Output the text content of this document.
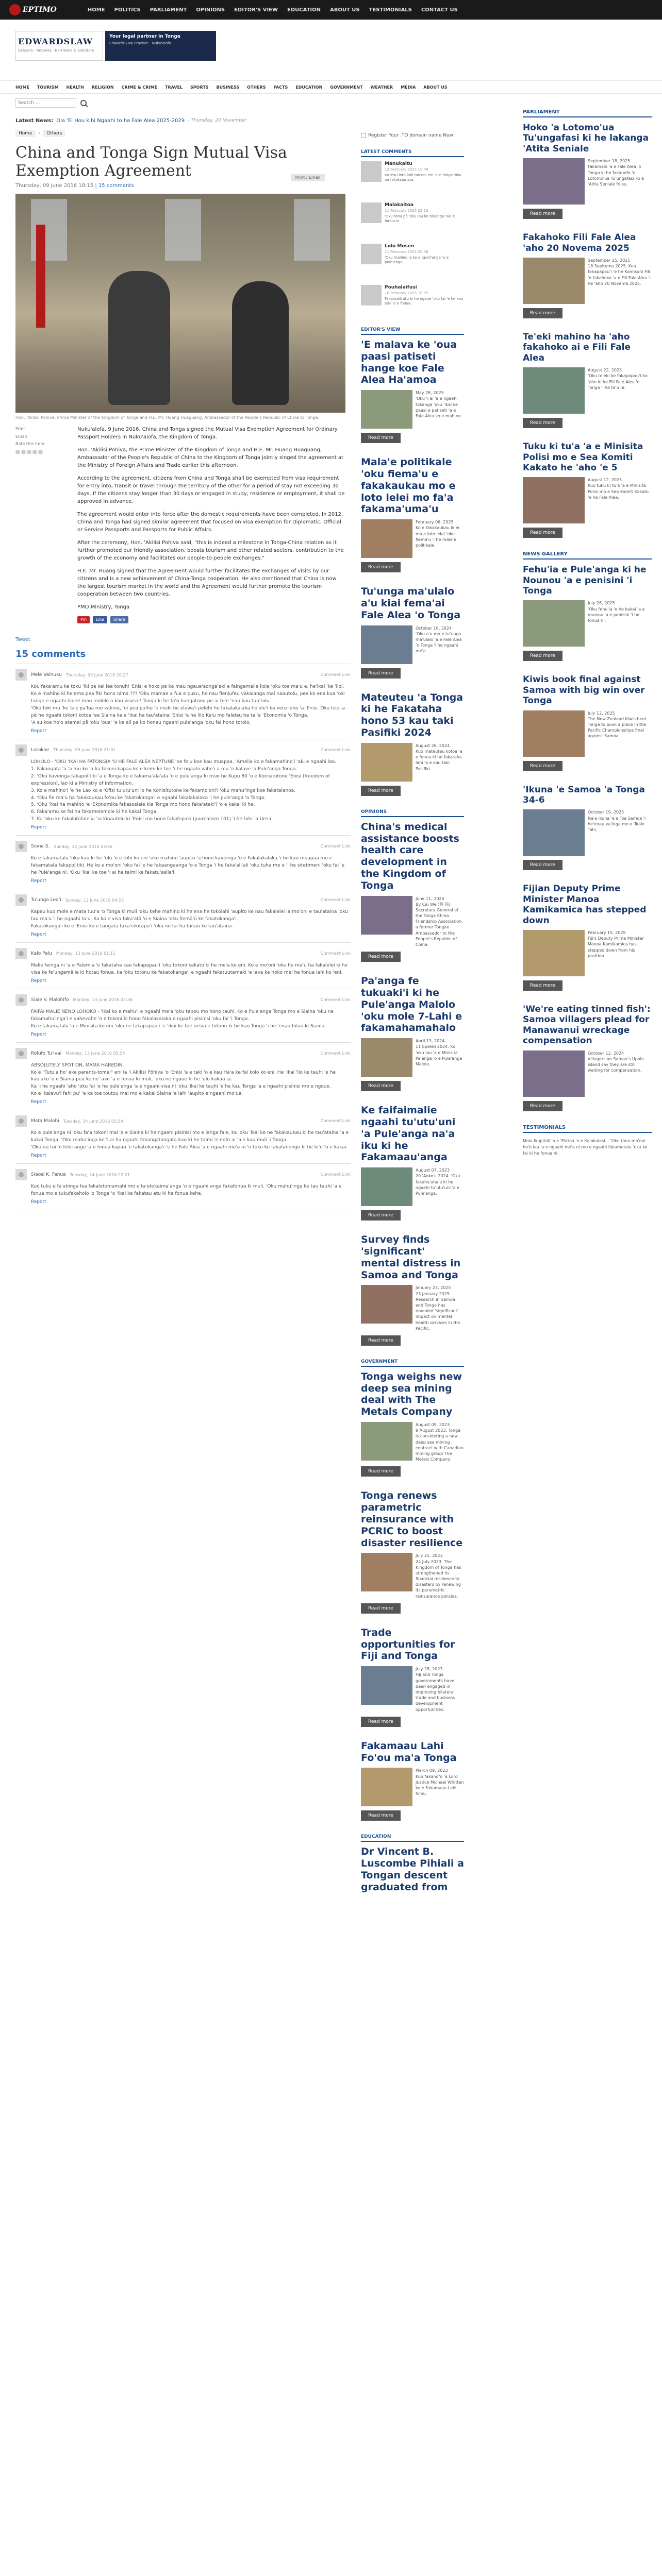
EPTIMO	HOME POLITICS PARLIAMENT OPINIONS EDITOR'S VIEW EDUCATION ABOUT US TESTIMONIALS CONTACT US
EDWARDSLAW
Lawyers · Notaries · Barristers & Solicitors
Your legal partner in Tonga
Edwards Law Practice · Nuku'alofa
HOME TOURISM HEALTH RELIGION CRIME & CRIME TRAVEL SPORTS BUSINESS OTHERS FACTS EDUCATION GOVERNMENT WEATHER MEDIA ABOUT US
Search ...
Latest News: Ola 'Ei Hou kihi Ngaahi to ha Fale Alea 2025-2029 - Thursday, 20 November
Home	›	Others
China and Tonga Sign Mutual Visa Exemption Agreement
Thursday, 09 June 2016 18:15 | 15 comments
Print / Email
Hon. 'Akilisi Pōhiva, Prime Minister of the Kingdom of Tonga and H.E. Mr. Huang Huaguang, Ambassador of the People's Republic of China to Tonga.
Print
Email
Rate this item

Nuku'alofa, 9 June 2016. China and Tonga signed the Mutual Visa Exemption Agreement for Ordinary Passport Holders in Nuku'alofa, the Kingdom of Tonga.

Hon. 'Akilisi Pohiva, the Prime Minister of the Kingdom of Tonga and H.E. Mr. Huang Huaguang, Ambassador of the People's Republic of China to the Kingdom of Tonga jointly singed the agreement at the Ministry of Foreign Affairs and Trade earlier this afternoon.

According to the agreement, citizens from China and Tonga shall be exempted from visa requirement for entry into, transit or travel through the territory of the other for a period of stay not exceeding 30 days. If the citizens stay longer than 30 days or engaged in study, residence or employment, it shall be approved in advance.

The agreement would enter into force after the domestic requirements have been completed. In 2012, China and Tonga had signed similar agreement that focused on visa exemption for Diplomatic, Official or Service Passports and Passports for Public Affairs.

After the ceremony, Hon. 'Akilisi Pohiva said, "this is indeed a milestone in Tonga-China relation as it further promoted our friendly association, boosts tourism and other related sectors, contribution to the growth of the economy and facilitates our people-to-people exchanges."

H.E. Mr. Huang signed that the Agreement would further facilitates the exchanges of visits by our citizens and is a new achievement of China-Tonga cooperation. He also mentioned that China is now the largest tourism market in the world and the Agreement would further promote the tourism cooperation between two countries.

PMO Ministry, Tonga

Pin	Like	Share
Tweet
15 comments
Mele Vainuku Thursday, 09 June 2016 20:27	Comment Link
Kou faka'amu ke toku 'iki pe kei lea tonuhi 'Enisi e hoko pe ka mau ngaue'aonga'aki e faingamalie koia 'oku toe ma'u e, he'ikai 'ke 'iloi. Ko e mahino ki he'ema pea fiki hono nima ??? 'Oku mamae a fua e puku, he nau fieniufeu vakaianga mai naautolu, pea ko ena kua 'osi tange e ngaahi hoiee mau inolele a kau visiea ! Tonga ki he fa'o hangatonu pe ai te'e 'eau kau tuu'tolu.
'Oku foki mu 'ke 'a e pa'lua mo vakinu, 'oi pea pulhu 'e nisiki he elewa'i pelehi he fakalakalaka ho'ole'i ka vetu loho 'a 'Enisi. Oku lelei a pē he ngaahi tokoni kotoa 'ae Siaina ka e 'ikai ha tau'ataina 'Enisi 'a he lilo Kalu mo falelau ha ta 'a 'Ekonomia 'o Tonga.
'A su koe ho'o atamai pē 'oku 'oua' 'e ke ali pe ko honau ngaahi pule'anga 'oku fai hono totolo.
Report
Lotokoe Thursday, 09 June 2016 21:01	Comment Link
LOHOLO - 'OKU 'IKAI HA FATONGIA 'O HE FALE ALEA NEPTUNE 'oe fe'u koe kau muapaa, 'Amelia ko e fakamahino'i 'aki e ngaahi lao.
1. Fakangata 'a 'a mu ko 'a ka tokoni kapau ko e kemi ke toe 'i he ngaahi vahe'i a mu 'o kalave 'a Pule'anga Tonga.
2. 'Oku kaveinga fakapolitiki 'a e Tonga ko e fakama'ala'ala 'o e pule'anga ki muo he Kupu 80 'o e Konisitutone 'Enisi (freedom of expression), lao ki a Ministry of Information.
3. Ko e mahino'i 'e he Lao ko e 'Ofisi tu'utu'uni 'o he Konisitutone ke fakamo'oni'i 'oku mahu'inga koe fakatalanoa.
4. 'Oku fie ma'u ha fakakaukau fo'ou ke fakatokanga'i e ngaahi fakalakalaka 'i he pule'anga 'a Tonga.
5. 'Oku 'ikai ha mahino 'e 'Ekonomika fakasosiale kia Tonga mo hono faka'ataki'i 'o e kakai ki he.
6. Faka'amu ke fai ha fakamolemole ki he kakai Tonga.
7. Ka 'oku ke fakalotofale'ia 'ia kinautolu ki 'Enisi mo hono fakafepaki (journalism 101) 'i he tohi 'a Uesa.
Report
Sione S. Sunday, 12 June 2016 03:56	Comment Link
Ko e fakamatala 'oku kau ki he 'ulu 'o e tohi ko eni 'oku mahino 'aupito 'a hono kaveinga 'o e Fakalakalaka 'i he kau muapaa mo e fakamatala fakapolitiki. He ko e mo'oni 'oku fai 'e he fakaangaanga 'o e Tonga 'i he faka'ali'ali 'oku tuha mo e 'i he sitetimeni 'oku fai 'e he Pule'anga ni. 'Oku 'ikai ke toe 'i ai ha taimi ke fakatu'asila'i.
Report
Tu'unga Lea'i Sunday, 12 June 2016 04:55	Comment Link
Kapau kuo mole e mata tuu'a 'o Tonga ki muli 'oku kehe mahino ki he'ena he tokolahi 'aupito ke nau fakalelei ia mo'oni e tau'ataina 'oku tau ma'u 'i he ngaahi ta'u. Ka ko e visa faka'atā 'o e Siaina 'oku fiemā'ū ke fakatokanga'i.
Fakatokanga'i ko e 'Enisi ko e tangata faka'eikitapu'i 'oku ne fai ha faitau ke tau'ataina.
Report
Kalo Palu Monday, 13 June 2016 01:11	Comment Link
Malie feinga ni 'a e Palemia 'o fakataha kae fakapapau'i 'oku tokoni kakato ki he me'a ko eni. Ko e mo'oni 'oku fie ma'u ha fakalelei ki he visa ke fe'ungamālie ki hotau fonua, ka 'oku totonu ke fakatokanga'i e ngaahi fakatuutamaki 'e lava ke hoko mei he fonua lahi ko 'eni.
Report
Siale V. Malohifo Monday, 13 June 2016 03:36	Comment Link
FAIFAI MALIE NENO LOHOKO - 'Ikai ko e mahu'i e ngaahi me'a 'oku tapou mo hono tauhi. Ko e Pule'anga Tonga mo e Siaina 'oku na fakamahu'inga'i e vahevahe 'o e tokoni ki hono fakalakalaka e ngaahi pisinisi 'oku fai 'i Tonga.
Ko e fakamatala 'a e Minisita ko eni 'oku ne fakapapau'i 'e 'ikai ke toe uesia e totonu ki he kau Tonga 'i he 'enau folau ki Siaina.
Report
Rolufo Tu'ivai Monday, 13 June 2016 05:54	Comment Link
ABSOLUTELY SPOT ON, MAMA HAREDIN.
Ko e "Tutu'a ho' eke parents-tomai" eni ia 'i Akilisi Pōhiva 'o 'Enisi 'a e taki 'o e kau Ha'a ke fai kolo ko eni. He 'ikai 'ilo ke tauhi 'e he kau'ako 'o e Siaina pea ke ne 'ave 'a e fonua ki muli, 'oku ne ngāue ki he 'ulu kakaa ia.
Ka 'i he ngaahi 'aho 'oku fai 'e he pule'anga 'a e ngaahi visa ni 'oku 'ikai ke tauhi 'e he kau Tonga 'a e ngaahi pisinisi mo e ngoue.
Ko e 'kalavu'i fahi pu' 'e ka toe toutou mai mo e kakai Siaina 'e lahi 'aupito e ngaahi mo'ua.
Report
Mata Malohi Tuesday, 14 June 2016 05:54	Comment Link
Ko e pule'anga ni 'oku fa'a tokoni mai 'a e Siaina ki he ngaahi pisinisi mo e langa fale, ka 'oku 'ikai ke ne fakakaukau ki he tau'ataina 'a e kakai Tonga. 'Oku mahu'inga ke 'i ai ha ngaahi fakangatangata kau ki he taimi 'e nofo ai 'a e kau muli 'i Tonga.
'Oku ou tui 'e lelei ange 'a e fonua kapau 'e fakatokanga'i 'e he Fale Alea 'a e ngaahi me'a ni 'o tuku ke fakafanongo ki he le'o 'o e kakai.
Report
Siaosi K. Fanua Tuesday, 14 June 2016 22:21	Comment Link
Kuo tuku e fa'ahinga lea fakalotomamahi mo e ta'etokaima'anga 'o e ngaahi anga fakafonua ki muli. 'Oku mahu'inga ke tau tauhi 'a e fonua mo e tukufakaholo 'o Tonga 'o 'ikai ke fakatau atu ki ha fonua kehe.
Report
Register Your .TO domain name Now!
LATEST COMMENTS
Manukaitu
12 February 2025 10:48
Ko 'eku loto lahi mo'oni eni 'a e Tonga 'oku ou fakatapu atu.
Malakaitoa
11 February 2025 22:13
'Oku tonu pē 'eku lau ke tokanga 'aki e fonua ni.
Lolo Mosen
11 February 2025 20:08
'Oku mahino ia ko e tauhi'anga 'o e pule'anga.
Pouhalaifusi
10 February 2025 16:55
Fakamālō atu ki he ngāue 'oku fai 'e he kau taki 'o e fonua.
EDITOR'S VIEW
'E malava ke 'oua paasi patiseti hange koe Fale Alea Ha'amoa
May 28, 2025
'Oku 'i ai 'a e ngaahi tokanga 'oku 'ikai ke paasi e patiseti 'a e Fale Alea ko e mahino.
Read more
Mala'e politikale 'oku fiema'u e fakakaukau mo e loto lelei mo fa'a fakama'uma'u
February 06, 2025
Ko e fakakaukau lelei mo e loto lelei 'oku fiema'u 'i he mala'e politikale.
Read more
Tu'unga ma'ulalo a'u kiai fema'ai Fale Alea 'o Tonga
October 16, 2024
'Oku a'u mo e tu'unga ma'ulalo 'a e Fale Alea 'o Tonga 'i he ngaahi me'a.
Read more
Mateuteu 'a Tonga ki he Fakataha hono 53 kau taki Pasifiki 2024
August 26, 2024
Kuo mateuteu kotoa 'a e fonua ki he fakataha lahi 'a e kau taki Pasifiki.
Read more
OPINIONS
China's medical assistance boosts health care development in the Kingdom of Tonga
June 11, 2024
By Cai Wei(蔡 伟), Secretary General of the Tonga China Friendship Association, a former Tongan Ambassador to the People's Republic of China.
Read more
Pa'anga fe tukuaki'i ki he Pule'anga Malolo 'oku mole 7-Lahi e fakamahamahalo
April 13, 2024
11 Epeleli 2024. Ko 'eku lau 'a e Minisita Pa'anga 'o e Pule'anga Malolo.
Read more
Ke faifaimalie ngaahi tu'utu'uni 'a Pule'anga na'a iku ki he Fakamaau'anga
August 07, 2023
20 'Aokosi 2024. 'Oku fakaha'aha'a ki he ngaahi tu'utu'uni 'a e Pule'anga.
Read more
Survey finds 'significant' mental distress in Samoa and Tonga
January 23, 2025
23 January 2025. Research in Samoa and Tonga has revealed 'significant' impact on mental health services in the Pacific.
Read more
GOVERNMENT
Tonga weighs new deep sea mining deal with The Metals Company
August 09, 2023
9 August 2023. Tonga is considering a new deep sea mining contract with Canadian mining group The Metals Company.
Read more
Tonga renews parametric reinsurance with PCRIC to boost disaster resilience
July 25, 2023
24 July 2023. The Kingdom of Tonga has strengthened its financial resilience to disasters by renewing its parametric reinsurance policies.
Read more
Trade opportunities for Fiji and Tonga
July 28, 2023
Fiji and Tonga governments have been engaged in improving bilateral trade and business development opportunities.
Read more
Fakamaau Lahi Fo'ou ma'a Tonga
March 09, 2023
Kuo fakanofo 'a Lord Justice Michael Whitten ko e Fakamaau Lahi fo'ou.
Read more
EDUCATION
Dr Vincent B. Luscombe Pihiali a Tongan descent graduated from
PARLIAMENT
Hoko 'a Lotomo'ua Tu'ungafasi ki he lakanga 'Atita Seniale
September 18, 2025
Fakamalō 'a e Fale Alea 'o Tonga ki he fakanofo 'o Lotomo'ua Tu'ungafasi ko e 'Atita Seniale fo'ou.
Read more
Fakahoko Fili Fale Alea 'aho 20 Novema 2025
September 25, 2025
18 Sepitema 2025. Kuo fakapapau'i 'e he Komisoni Fili 'e fakahoko 'a e Fili Fale Alea 'i he 'aho 20 Novema 2025.
Read more
Te'eki mahino ha 'aho fakahoko ai e Fili Fale Alea
August 22, 2025
'Oku te'eki ke fakapapau'i ha 'aho ki he Fili Fale Alea 'o Tonga 'i he ta'u ni.
Read more
Tuku ki tu'a 'a e Minisita Polisi mo e Sea Komiti Kakato he 'aho 'e 5
August 12, 2025
Kuo tuku ki tu'a 'a e Minisita Polisi mo e Sea Komiti Kakato 'e he Fale Alea.
Read more
NEWS GALLERY
Fehu'ia e Pule'anga ki he Nounou 'a e penisini 'i Tonga
July 28, 2025
'Oku fehu'ia 'e he kakai 'a e nounou 'a e penisini 'i he fonua ni.
Read more
Kiwis book final against Samoa with big win over Tonga
July 12, 2025
The New Zealand Kiwis beat Tonga to book a place in the Pacific Championships final against Samoa.
Read more
'Ikuna 'e Samoa 'a Tonga 34-6
October 19, 2025
Na'e ikuna 'a e Toa Samoa 'i he'enau va'inga mo e 'Ikale Tahi.
Read more
Fijian Deputy Prime Minister Manoa Kamikamica has stepped down
February 15, 2025
Fiji's Deputy Prime Minister Manoa Kamikamica has stepped down from his position.
Read more
'We're eating tinned fish': Samoa villagers plead for Manawanui wreckage compensation
October 12, 2024
Villagers on Samoa's Upolu island say they are still waiting for compensation.
Read more
TESTIMONIALS
Malo Ikupitali 'o e 'Ekitoa 'o e Kalakalasi... 'Oku tonu mo'oni ho'o lea 'a e ngaahi me'a ni mo e ngaahi fakamatala 'oku ke fai ki he fonua ni.
